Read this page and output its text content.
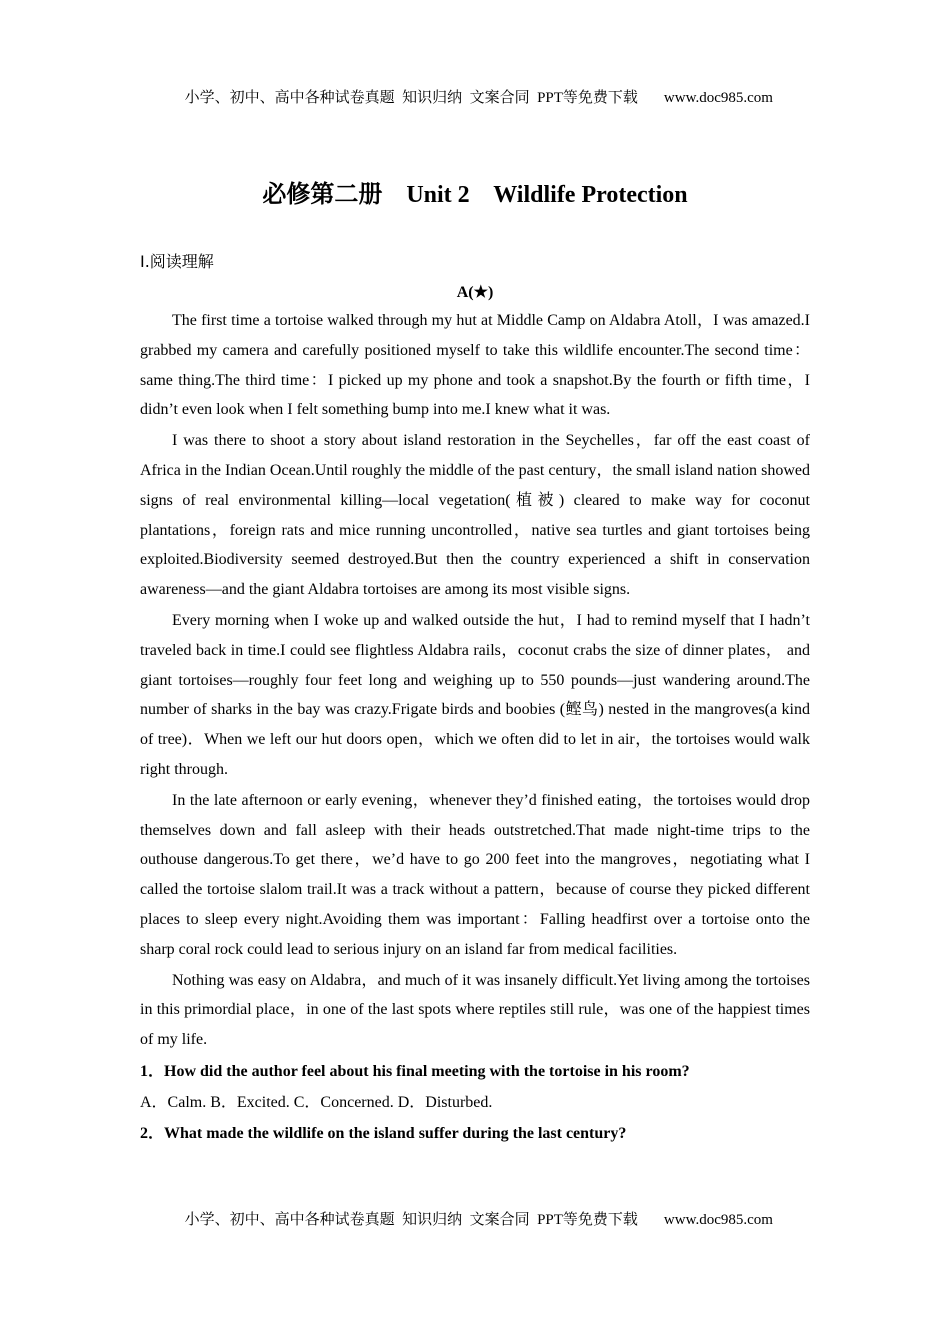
小学、初中、高中各种试卷真题  知识归纳  文案合同  PPT等免费下载 www.doc985.com

必修第二册    Unit 2    Wildlife Protection
Ⅰ.阅读理解
A(★)

The first time a tortoise walked through my hut at Middle Camp on Aldabra Atoll，I was amazed.I grabbed my camera and carefully positioned myself to take this wildlife encounter.The second time：same thing.The third time：I picked up my phone and took a snapshot.By the fourth or fifth time，I didn’t even look when I felt something bump into me.I knew what it was.

I was there to shoot a story about island restoration in the Seychelles，far off the east coast of Africa in the Indian Ocean.Until roughly the middle of the past century，the small island nation showed signs of real environmental killing—local vegetation(植被) cleared to make way for coconut plantations，foreign rats and mice running uncontrolled，native sea turtles and giant tortoises being exploited.Biodiversity seemed destroyed.But then the country experienced a shift in conservation awareness—and the giant Aldabra tortoises are among its most visible signs.

Every morning when I woke up and walked outside the hut，I had to remind myself that I hadn’t traveled back in time.I could see flightless Aldabra rails，coconut crabs the size of dinner plates， and giant tortoises—roughly four feet long and weighing up to 550 pounds—just wandering around.The number of sharks in the bay was crazy.Frigate birds and boobies (鲣鸟) nested in the mangroves(a kind of tree)．When we left our hut doors open，which we often did to let in air，the tortoises would walk right through.

In the late afternoon or early evening，whenever they’d finished eating，the tortoises would drop themselves down and fall asleep with their heads outstretched.That made night-time trips to the outhouse dangerous.To get there，we’d have to go 200 feet into the mangroves，negotiating what I called the tortoise slalom trail.It was a track without a pattern，because of course they picked different places to sleep every night.Avoiding them was important：Falling headfirst over a tortoise onto the sharp coral rock could lead to serious injury on an island far from medical facilities.

Nothing was easy on Aldabra，and much of it was insanely difficult.Yet living among the tortoises in this primordial place，in one of the last spots where reptiles still rule，was one of the happiest times of my life.

1．How did the author feel about his final meeting with the tortoise in his room?

A．Calm. B．Excited. C．Concerned. D．Disturbed.

2．What made the wildlife on the island suffer during the last century?

小学、初中、高中各种试卷真题  知识归纳  文案合同  PPT等免费下载 www.doc985.com
